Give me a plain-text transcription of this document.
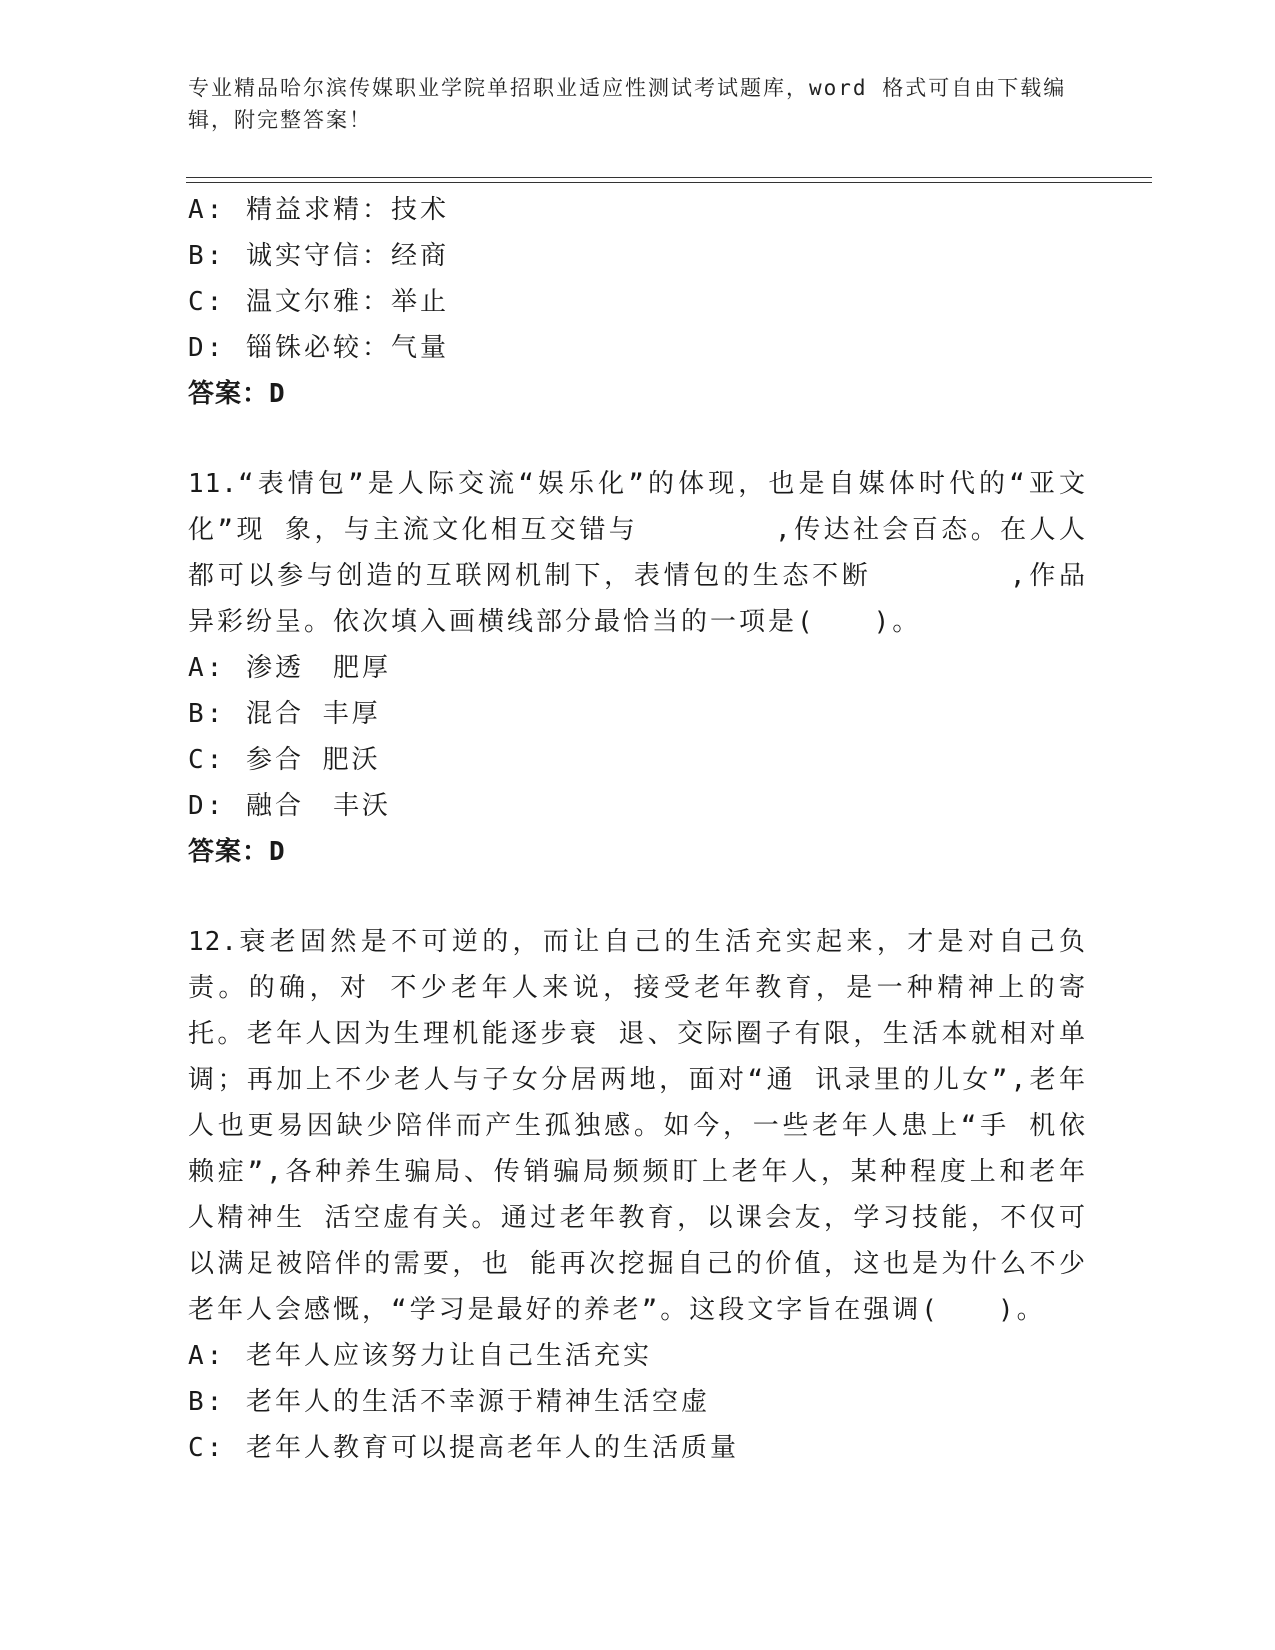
专业精品哈尔滨传媒职业学院单招职业适应性测试考试题库，word 格式可自由下载编辑，附完整答案！
A: 精益求精：技术
B: 诚实守信：经商
C: 温文尔雅：举止
D: 锱铢必较：气量
答案：D
11.“表情包”是人际交流“娱乐化”的体现，也是自媒体时代的“亚文化”现 象，与主流文化相互交错与　　　　 ,传达社会百态。在人人都可以参与创造的互联网机制下，表情包的生态不断　　　　 ,作品异彩纷呈。依次填入画横线部分最恰当的一项是(　　)。
A: 渗透　肥厚
B: 混合 丰厚
C: 参合 肥沃
D: 融合　丰沃
答案：D
12.衰老固然是不可逆的，而让自己的生活充实起来，才是对自己负责。的确，对 不少老年人来说，接受老年教育，是一种精神上的寄托。老年人因为生理机能逐步衰 退、交际圈子有限，生活本就相对单调；再加上不少老人与子女分居两地，面对“通 讯录里的儿女”,老年人也更易因缺少陪伴而产生孤独感。如今，一些老年人患上“手 机依赖症”,各种养生骗局、传销骗局频频盯上老年人，某种程度上和老年人精神生 活空虚有关。通过老年教育，以课会友，学习技能，不仅可以满足被陪伴的需要，也 能再次挖掘自己的价值，这也是为什么不少老年人会感慨，“学习是最好的养老”。这段文字旨在强调(　　)。
A: 老年人应该努力让自己生活充实
B: 老年人的生活不幸源于精神生活空虚
C: 老年人教育可以提高老年人的生活质量
